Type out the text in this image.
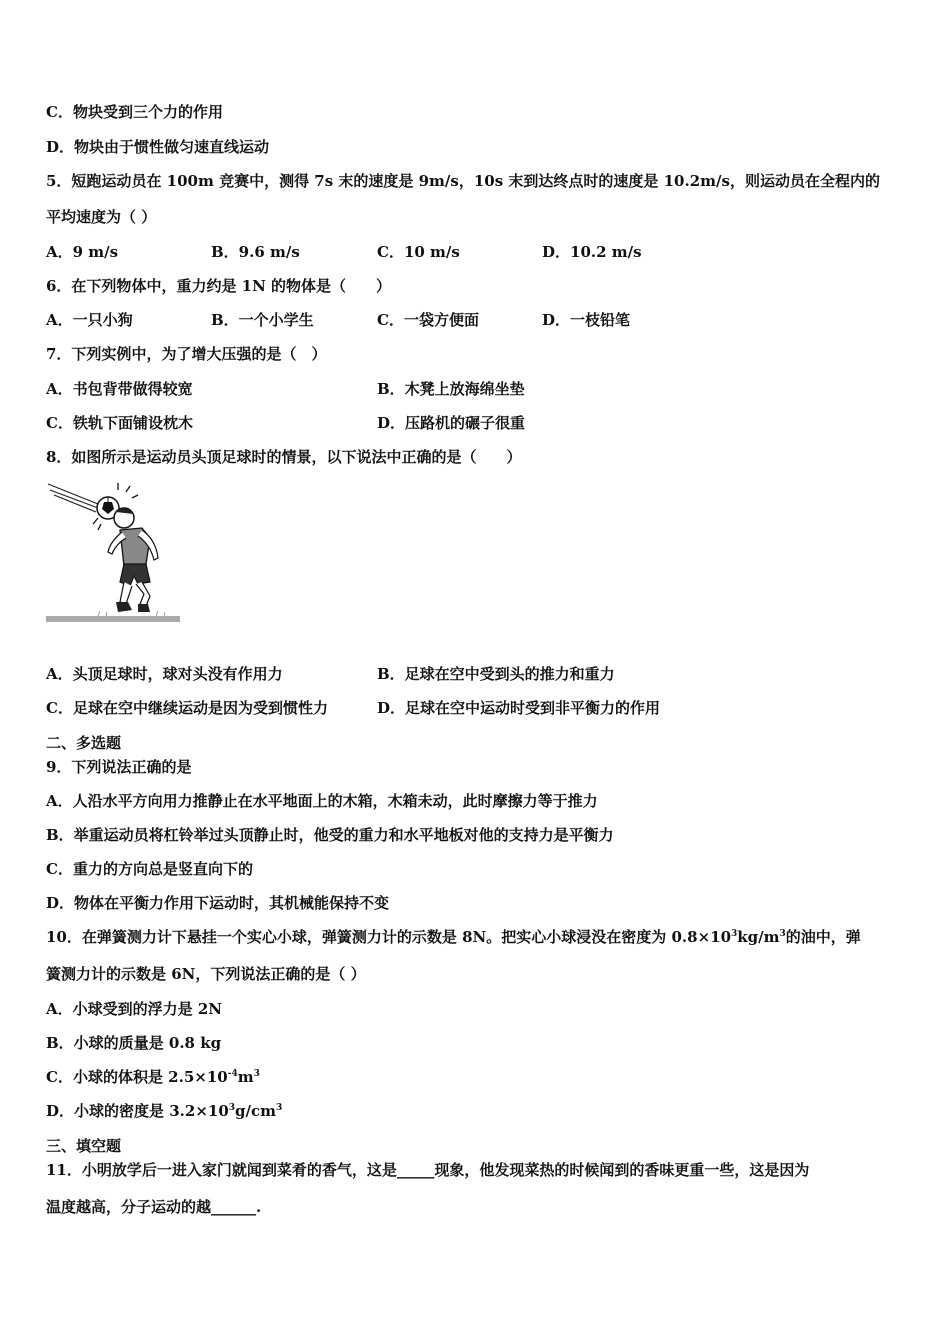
C．物块受到三个力的作用
D．物块由于惯性做匀速直线运动
5．短跑运动员在 100m 竞赛中，测得 7s 末的速度是 9m/s，10s 末到达终点时的速度是 10.2m/s，则运动员在全程内的
平均速度为（ ）
A．9 m/s	B．9.6 m/s	C．10 m/s	D．10.2 m/s
6．在下列物体中，重力约是 1N 的物体是（　　）
A．一只小狗	B．一个小学生	C．一袋方便面	D．一枝铅笔
7．下列实例中，为了增大压强的是（　）
A．书包背带做得较宽	B．木凳上放海绵坐垫
C．铁轨下面铺设枕木	D．压路机的碾子很重
8．如图所示是运动员头顶足球时的情景，以下说法中正确的是（　　）
A．头顶足球时，球对头没有作用力	B．足球在空中受到头的推力和重力
C．足球在空中继续运动是因为受到惯性力	D．足球在空中运动时受到非平衡力的作用
二、多选题
9．下列说法正确的是
A．人沿水平方向用力推静止在水平地面上的木箱，木箱未动，此时摩擦力等于推力
B．举重运动员将杠铃举过头顶静止时，他受的重力和水平地板对他的支持力是平衡力
C．重力的方向总是竖直向下的
D．物体在平衡力作用下运动时，其机械能保持不变
10．在弹簧测力计下悬挂一个实心小球，弹簧测力计的示数是 8N。把实心小球浸没在密度为 $0.8\times 10^3kg/m^3$的油中，弹
簧测力计的示数是 6N，下列说法正确的是（ ）
A．小球受到的浮力是 2N
B．小球的质量是 0.8 kg
C．小球的体积是 $2.5\times 10^{-4}m^3$
D．小球的密度是 $3.2\times 10^3g/cm^3$
三、填空题
11．小明放学后一进入家门就闻到菜肴的香气，这是_____现象，他发现菜热的时候闻到的香味更重一些，这是因为
温度越高，分子运动的越______.
